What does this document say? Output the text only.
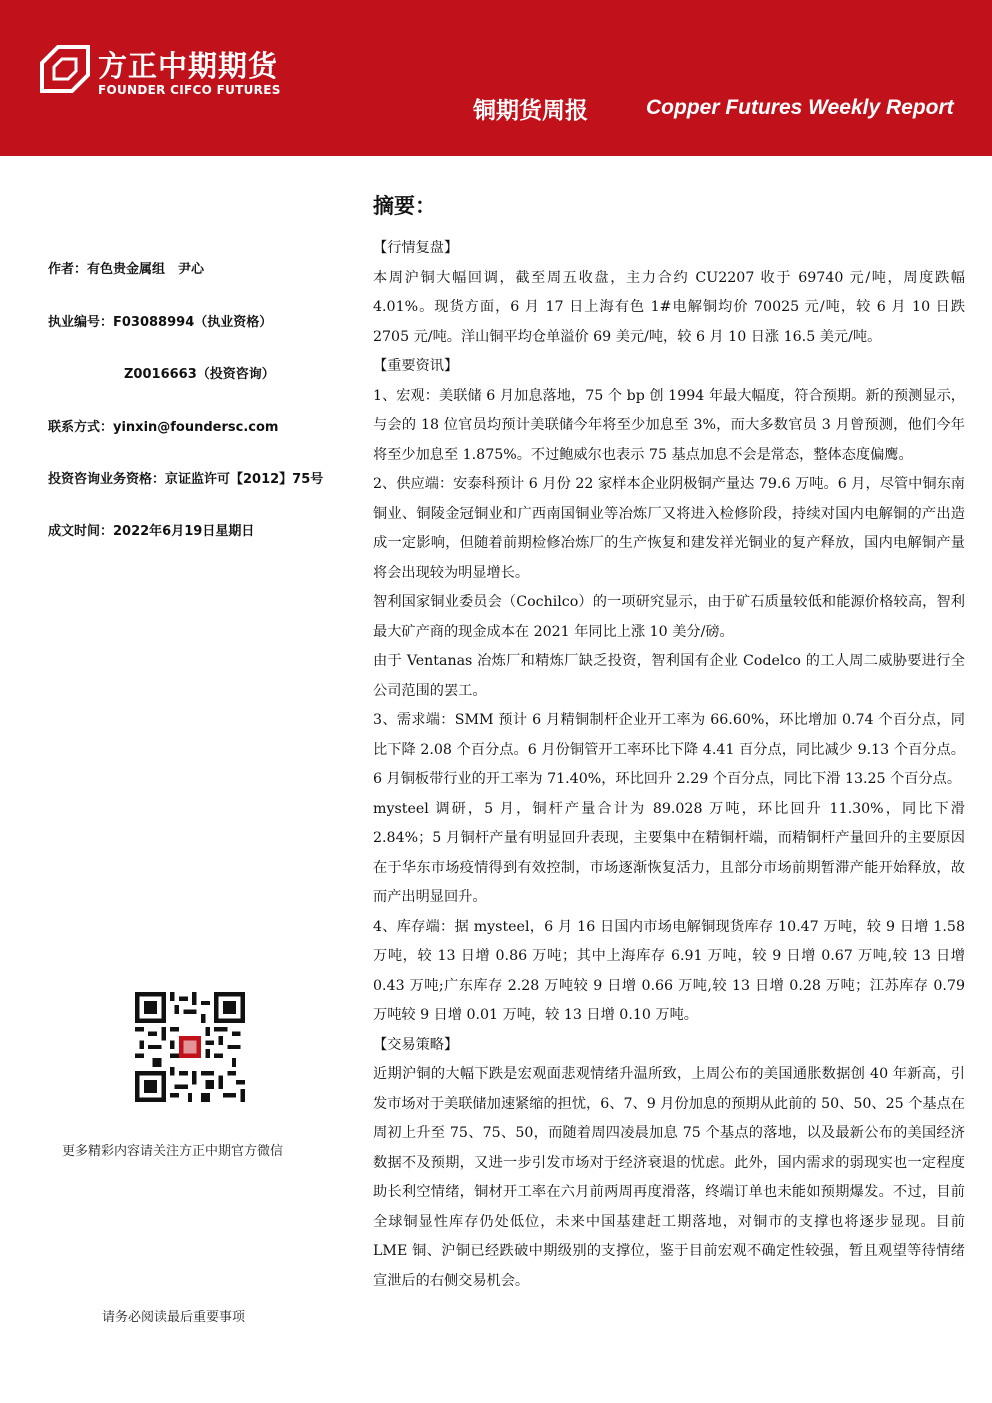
方正中期期货
FOUNDER CIFCO FUTURES
铜期货周报	Copper Futures Weekly Report
作者：有色贵金属组　尹心
执业编号：F03088994（执业资格）
Z0016663（投资咨询）
联系方式：yinxin@foundersc.com
投资咨询业务资格：京证监许可【2012】75号
成文时间：2022年6月19日星期日
更多精彩内容请关注方正中期官方微信
请务必阅读最后重要事项
摘要：
【行情复盘】

本周沪铜大幅回调，截至周五收盘，主力合约 CU2207 收于 69740 元/吨，周度跌幅 4.01%。现货方面，6 月 17 日上海有色 1#电解铜均价 70025 元/吨，较 6 月 10 日跌 2705 元/吨。洋山铜平均仓单溢价 69 美元/吨，较 6 月 10 日涨 16.5 美元/吨。

【重要资讯】

1、宏观：美联储 6 月加息落地，75 个 bp 创 1994 年最大幅度，符合预期。新的预测显示，与会的 18 位官员均预计美联储今年将至少加息至 3%，而大多数官员 3 月曾预测，他们今年将至少加息至 1.875%。不过鲍威尔也表示 75 基点加息不会是常态，整体态度偏鹰。

2、供应端：安泰科预计 6 月份 22 家样本企业阴极铜产量达 79.6 万吨。6 月，尽管中铜东南铜业、铜陵金冠铜业和广西南国铜业等冶炼厂又将进入检修阶段，持续对国内电解铜的产出造成一定影响，但随着前期检修冶炼厂的生产恢复和建发祥光铜业的复产释放，国内电解铜产量将会出现较为明显增长。

智利国家铜业委员会（Cochilco）的一项研究显示，由于矿石质量较低和能源价格较高，智利最大矿产商的现金成本在 2021 年同比上涨 10 美分/磅。

由于 Ventanas 冶炼厂和精炼厂缺乏投资，智利国有企业 Codelco 的工人周二威胁要进行全公司范围的罢工。

3、需求端：SMM 预计 6 月精铜制杆企业开工率为 66.60%，环比增加 0.74 个百分点，同比下降 2.08 个百分点。6 月份铜管开工率环比下降 4.41 百分点，同比减少 9.13 个百分点。6 月铜板带行业的开工率为 71.40%，环比回升 2.29 个百分点，同比下滑 13.25 个百分点。

mysteel 调研，5 月，铜杆产量合计为 89.028 万吨，环比回升 11.30%，同比下滑 2.84%；5 月铜杆产量有明显回升表现，主要集中在精铜杆端，而精铜杆产量回升的主要原因在于华东市场疫情得到有效控制，市场逐渐恢复活力，且部分市场前期暂滞产能开始释放，故而产出明显回升。

4、库存端：据 mysteel，6 月 16 日国内市场电解铜现货库存 10.47 万吨，较 9 日增 1.58 万吨，较 13 日增 0.86 万吨；其中上海库存 6.91 万吨，较 9 日增 0.67 万吨,较 13 日增 0.43 万吨;广东库存 2.28 万吨较 9 日增 0.66 万吨,较 13 日增 0.28 万吨；江苏库存 0.79 万吨较 9 日增 0.01 万吨，较 13 日增 0.10 万吨。

【交易策略】

近期沪铜的大幅下跌是宏观面悲观情绪升温所致，上周公布的美国通胀数据创 40 年新高，引发市场对于美联储加速紧缩的担忧，6、7、9 月份加息的预期从此前的 50、50、25 个基点在周初上升至 75、75、50，而随着周四凌晨加息 75 个基点的落地，以及最新公布的美国经济数据不及预期，又进一步引发市场对于经济衰退的忧虑。此外，国内需求的弱现实也一定程度助长利空情绪，铜材开工率在六月前两周再度滑落，终端订单也未能如预期爆发。不过，目前全球铜显性库存仍处低位，未来中国基建赶工期落地，对铜市的支撑也将逐步显现。目前 LME 铜、沪铜已经跌破中期级别的支撑位，鉴于目前宏观不确定性较强，暂且观望等待情绪宣泄后的右侧交易机会。
